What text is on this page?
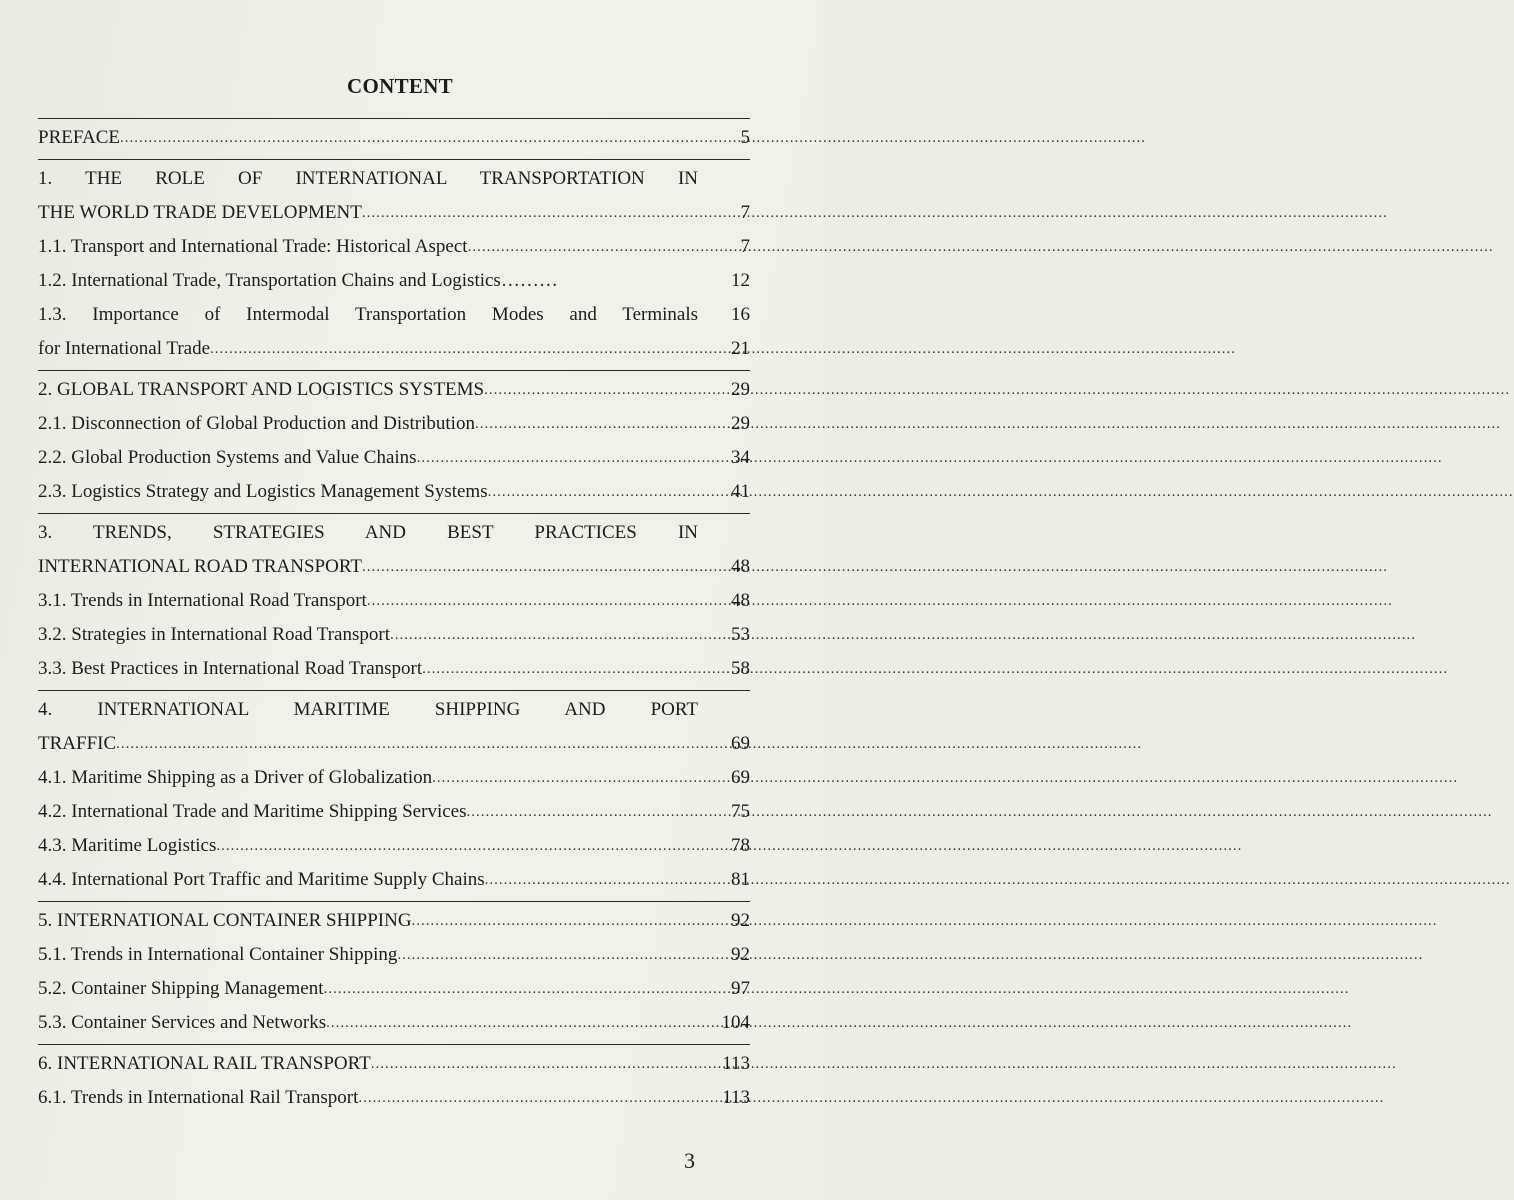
CONTENT
PREFACE .....	5
1. THE ROLE OF INTERNATIONAL TRANSPORTATION IN
THE WORLD TRADE DEVELOPMENT .....	7
1.1. Transport and International Trade: Historical Aspect .....	7
1.2. International Trade, Transportation Chains and Logistics………	12
1.3. Importance of Intermodal Transportation Modes and Terminals	16
for International Trade .....	21
2. GLOBAL TRANSPORT AND LOGISTICS SYSTEMS .....	29
2.1. Disconnection of Global Production and Distribution .....	29
2.2. Global Production Systems and Value Chains .....	34
2.3. Logistics Strategy and Logistics Management Systems .....	41
3. TRENDS, STRATEGIES AND BEST PRACTICES IN
INTERNATIONAL ROAD TRANSPORT .....	48
3.1. Trends in International Road Transport .....	48
3.2. Strategies in International Road Transport .....	53
3.3. Best Practices in International Road Transport .....	58
4. INTERNATIONAL MARITIME SHIPPING AND PORT
TRAFFIC .....	69
4.1. Maritime Shipping as a Driver of Globalization .....	69
4.2. International Trade and Maritime Shipping Services .....	75
4.3. Maritime Logistics .....	78
4.4. International Port Traffic and Maritime Supply Chains .....	81
5. INTERNATIONAL CONTAINER SHIPPING .....	92
5.1. Trends in International Container Shipping .....	92
5.2. Container Shipping Management .....	97
5.3. Container Services and Networks .....	104
6. INTERNATIONAL RAIL TRANSPORT .....	113
6.1. Trends in International Rail Transport .....	113
3
